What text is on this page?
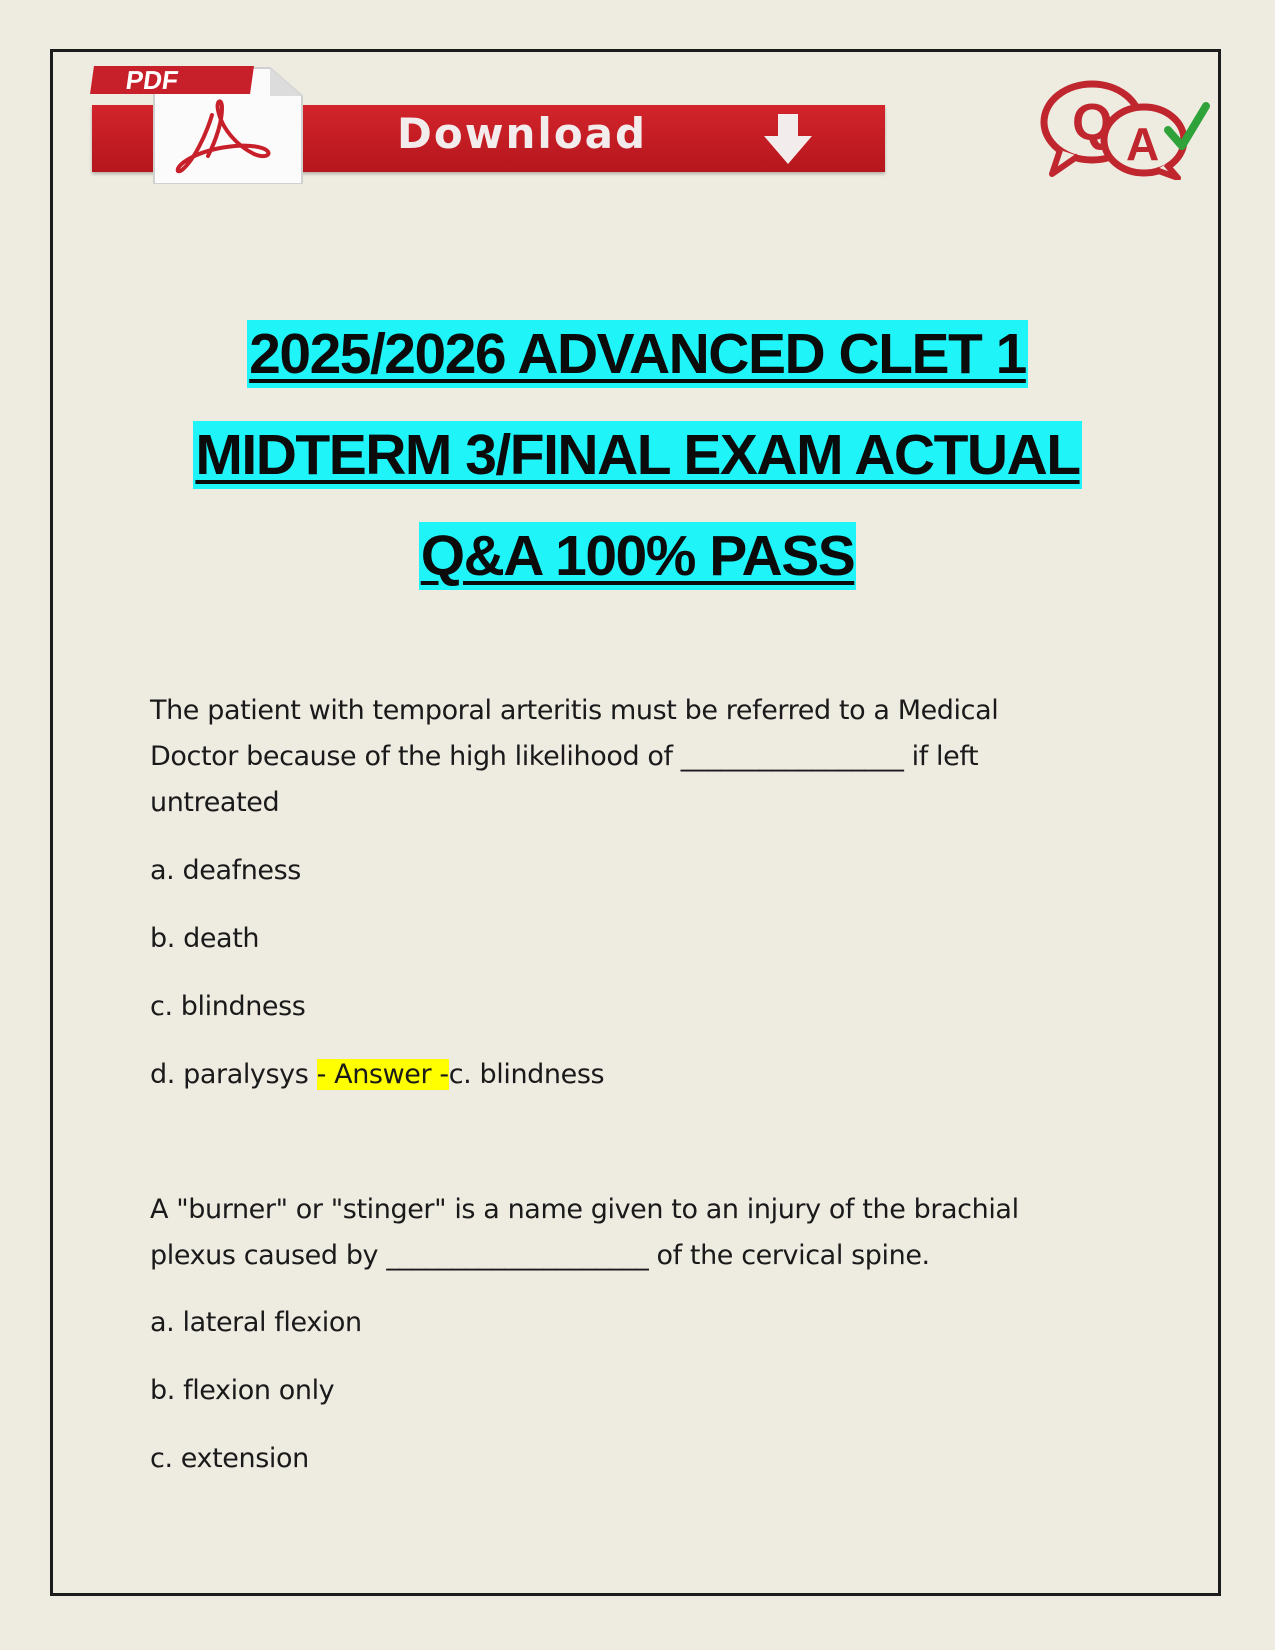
PDF
Download	Q A
2025/2026 ADVANCED CLET 1
MIDTERM 3/FINAL EXAM ACTUAL
Q&A 100% PASS
The patient with temporal arteritis must be referred to a Medical
Doctor because of the high likelihood of _________________ if left
untreated
a. deafness
b. death
c. blindness
d. paralysys - Answer -c. blindness
A "burner" or "stinger" is a name given to an injury of the brachial
plexus caused by ____________________ of the cervical spine.
a. lateral flexion
b. flexion only
c. extension
